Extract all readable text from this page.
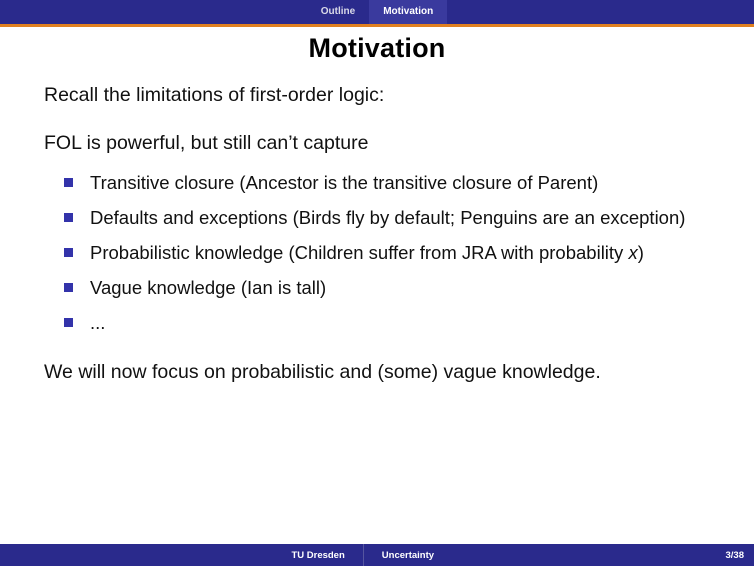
Outline	Motivation
Motivation
Recall the limitations of first-order logic:
FOL is powerful, but still can’t capture
Transitive closure (Ancestor is the transitive closure of Parent)
Defaults and exceptions (Birds fly by default; Penguins are an exception)
Probabilistic knowledge (Children suffer from JRA with probability x)
Vague knowledge (Ian is tall)
...
We will now focus on probabilistic and (some) vague knowledge.
TU Dresden	Uncertainty	3/38
